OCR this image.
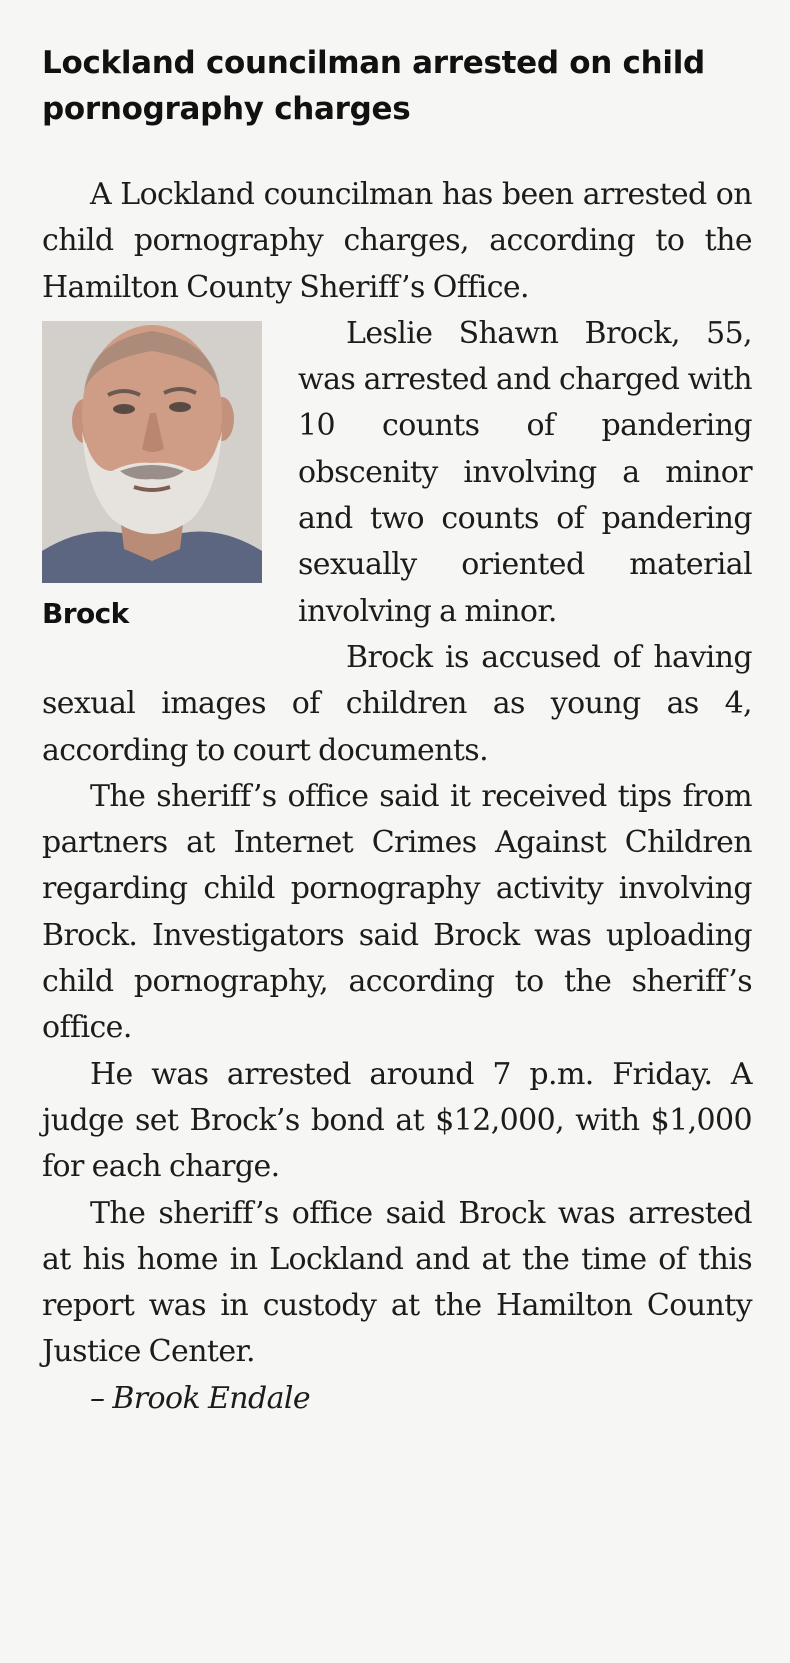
Lockland councilman arrested on child pornography charges

A Lockland councilman has been arrested on child pornography charges, according to the Hamilton County Sheriff’s Office.

Brock

Leslie Shawn Brock, 55, was arrested and charged with 10 counts of pandering obscenity involving a minor and two counts of pandering sexually oriented material involving a minor.

Brock is accused of having sexual images of children as young as 4, according to court documents.

The sheriff’s office said it received tips from partners at Internet Crimes Against Children regarding child pornography activity involving Brock. Investigators said Brock was uploading child pornography, according to the sheriff’s office.

He was arrested around 7 p.m. Friday. A judge set Brock’s bond at $12,000, with $1,000 for each charge.

The sheriff’s office said Brock was arrested at his home in Lockland and at the time of this report was in custody at the Hamilton County Justice Center.

– Brook Endale
